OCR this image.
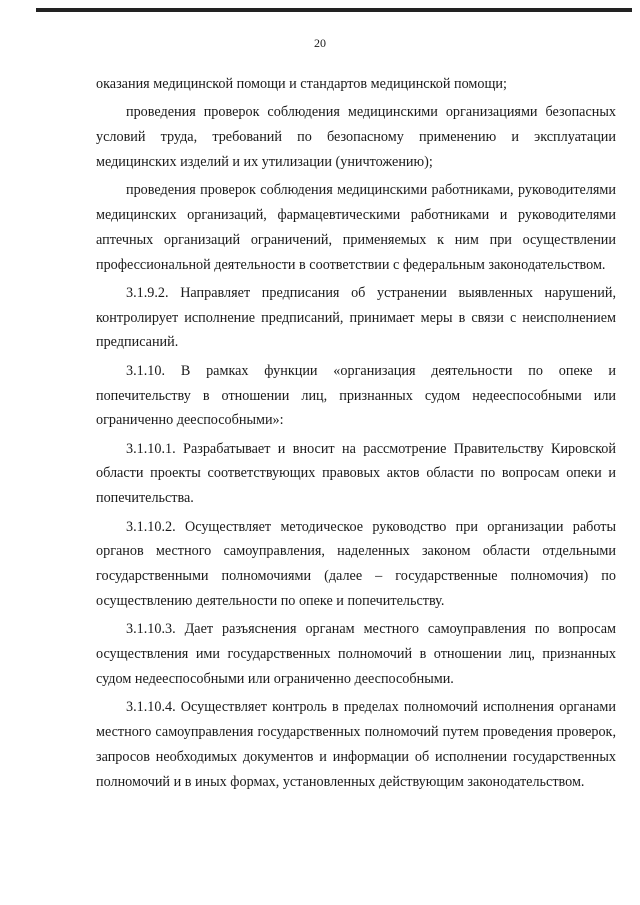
20

оказания медицинской помощи и стандартов медицинской помощи;

проведения проверок соблюдения медицинскими организациями безопасных условий труда, требований по безопасному применению и эксплуатации медицинских изделий и их утилизации (уничтожению);

проведения проверок соблюдения медицинскими работниками, руководителями медицинских организаций, фармацевтическими работниками и руководителями аптечных организаций ограничений, применяемых к ним при осуществлении профессиональной деятельности в соответствии с федеральным законодательством.

3.1.9.2. Направляет предписания об устранении выявленных нарушений, контролирует исполнение предписаний, принимает меры в связи с неисполнением предписаний.

3.1.10. В рамках функции «организация деятельности по опеке и попечительству в отношении лиц, признанных судом недееспособными или ограниченно дееспособными»:

3.1.10.1. Разрабатывает и вносит на рассмотрение Правительству Кировской области проекты соответствующих правовых актов области по вопросам опеки и попечительства.

3.1.10.2. Осуществляет методическое руководство при организации работы органов местного самоуправления, наделенных законом области отдельными государственными полномочиями (далее – государственные полномочия) по осуществлению деятельности по опеке и попечительству.

3.1.10.3. Дает разъяснения органам местного самоуправления по вопросам осуществления ими государственных полномочий в отношении лиц, признанных судом недееспособными или ограниченно дееспособными.

3.1.10.4. Осуществляет контроль в пределах полномочий исполнения органами местного самоуправления государственных полномочий путем проведения проверок, запросов необходимых документов и информации об исполнении государственных полномочий и в иных формах, установленных действующим законодательством.
